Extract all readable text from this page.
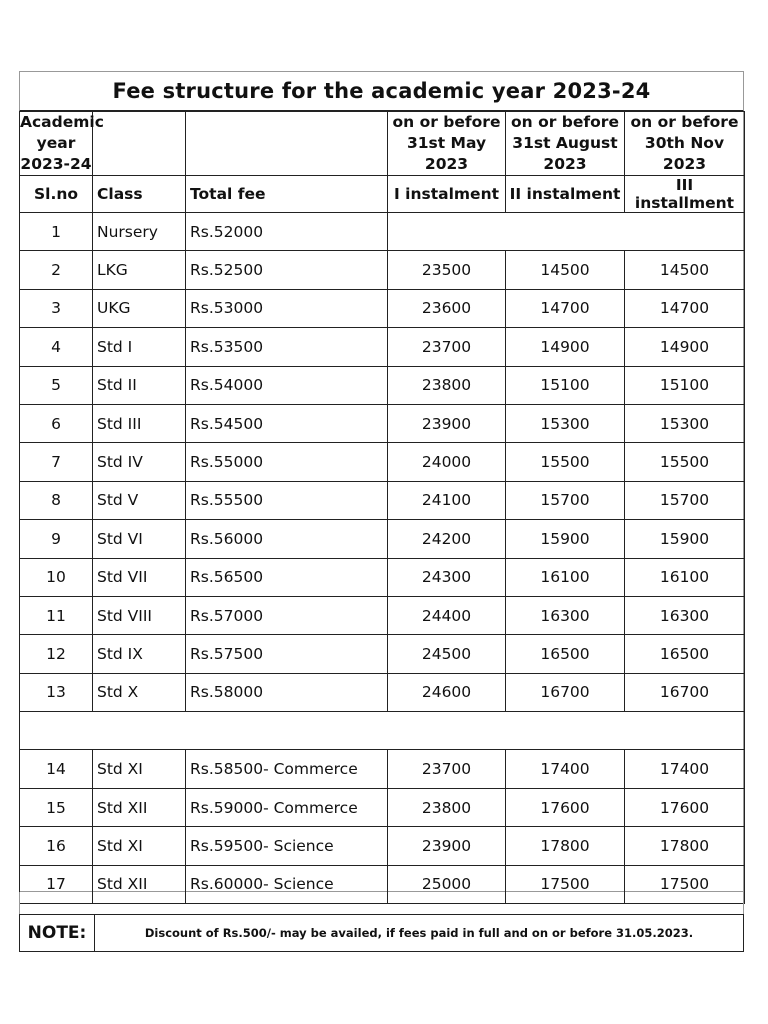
Fee structure for the academic year 2023-24
Academic year 2023-24			on or before 31st May 2023	on or before 31st August 2023	on or before 30th Nov 2023
Sl.no	Class	Total fee	I instalment	II instalment	III installment
1	Nursery	Rs.52000			
2	LKG	Rs.52500	23500	14500	14500
3	UKG	Rs.53000	23600	14700	14700
4	Std I	Rs.53500	23700	14900	14900
5	Std II	Rs.54000	23800	15100	15100
6	Std III	Rs.54500	23900	15300	15300
7	Std IV	Rs.55000	24000	15500	15500
8	Std V	Rs.55500	24100	15700	15700
9	Std VI	Rs.56000	24200	15900	15900
10	Std VII	Rs.56500	24300	16100	16100
11	Std VIII	Rs.57000	24400	16300	16300
12	Std IX	Rs.57500	24500	16500	16500
13	Std X	Rs.58000	24600	16700	16700

14	Std XI	Rs.58500- Commerce	23700	17400	17400
15	Std XII	Rs.59000- Commerce	23800	17600	17600
16	Std XI	Rs.59500- Science	23900	17800	17800
17	Std XII	Rs.60000- Science	25000	17500	17500
NOTE:	Discount of Rs.500/- may be availed, if fees paid in full and on or before 31.05.2023.
